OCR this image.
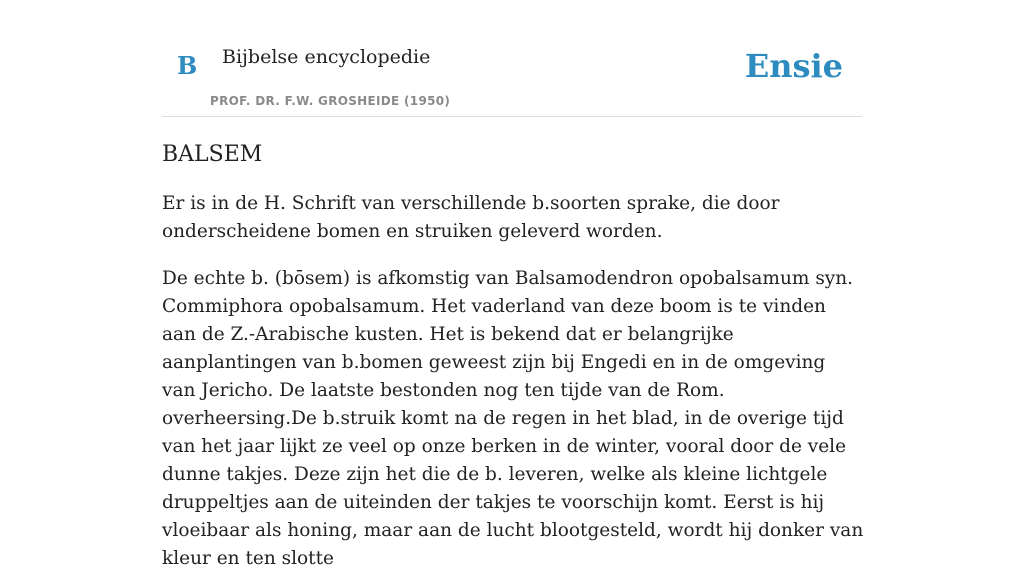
B Bijbelse encyclopedie
PROF. DR. F.W. GROSHEIDE (1950)
Ensie
BALSEM

Er is in de H. Schrift van verschillende b.soorten sprake, die door onderscheidene bomen en struiken geleverd worden.

De echte b. (bōsem) is afkomstig van Balsamodendron opobalsamum syn. Commiphora opobalsamum. Het vaderland van deze boom is te vinden aan de Z.-Arabische kusten. Het is bekend dat er belangrijke aanplantingen van b.bomen geweest zijn bij Engedi en in de omgeving van Jericho. De laatste bestonden nog ten tijde van de Rom. overheersing.De b.struik komt na de regen in het blad, in de overige tijd van het jaar lijkt ze veel op onze berken in de winter, vooral door de vele dunne takjes. Deze zijn het die de b. leveren, welke als kleine lichtgele druppeltjes aan de uiteinden der takjes te voorschijn komt. Eerst is hij vloeibaar als honing, maar aan de lucht blootgesteld, wordt hij donker van kleur en ten slotte
